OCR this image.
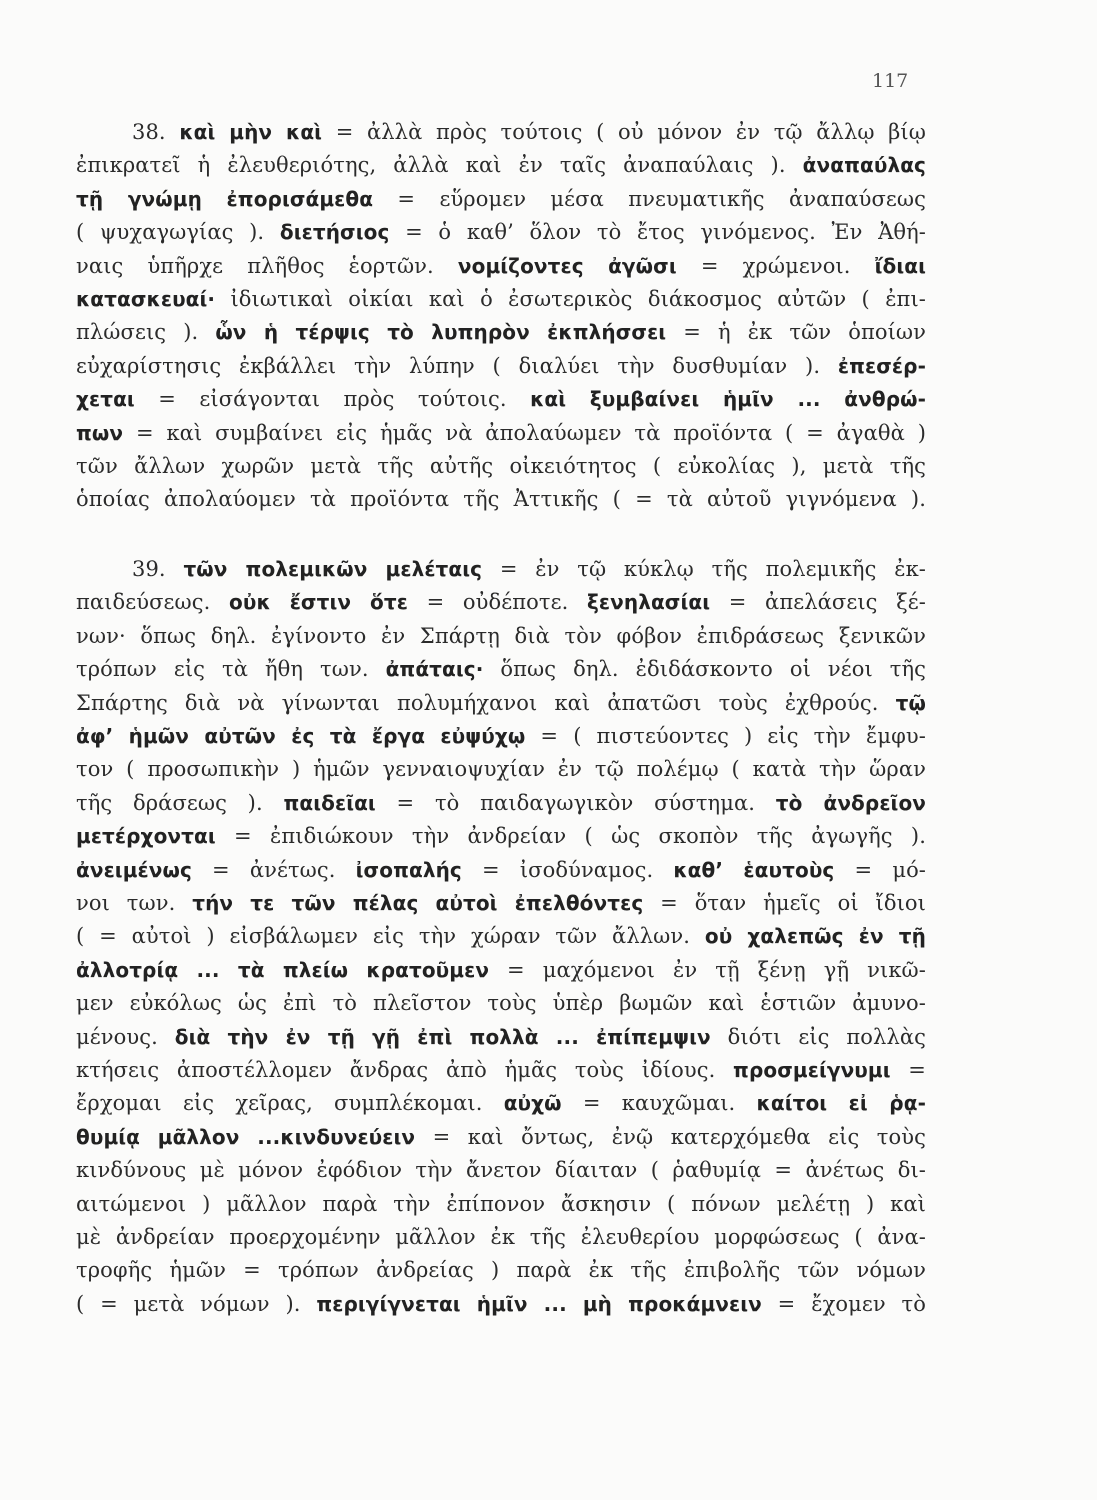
117
38. καὶ μὴν καὶ = ἀλλὰ πρὸς τούτοις ( οὐ μόνον ἐν τῷ ἄλλῳ βίῳ
ἐπικρατεῖ ἡ ἐλευθεριότης, ἀλλὰ καὶ ἐν ταῖς ἀναπαύλαις ). ἀναπαύλας
τῇ γνώμῃ ἐπορισάμεθα = εὕρομεν μέσα πνευματικῆς ἀναπαύσεως
( ψυχαγωγίας ). διετήσιος = ὁ καθ’ ὅλον τὸ ἔτος γινόμενος. Ἐν Ἀθή-
ναις ὑπῆρχε πλῆθος ἑορτῶν. νομίζοντες ἀγῶσι = χρώμενοι. ἴδιαι
κατασκευαί· ἰδιωτικαὶ οἰκίαι καὶ ὁ ἐσωτερικὸς διάκοσμος αὐτῶν ( ἐπι-
πλώσεις ). ὧν ἡ τέρψις τὸ λυπηρὸν ἐκπλήσσει = ἡ ἐκ τῶν ὁποίων
εὐχαρίστησις ἐκβάλλει τὴν λύπην ( διαλύει τὴν δυσθυμίαν ). ἐπεσέρ-
χεται = εἰσάγονται πρὸς τούτοις. καὶ ξυμβαίνει ἡμῖν ... ἀνθρώ-
πων = καὶ συμβαίνει εἰς ἡμᾶς νὰ ἀπολαύωμεν τὰ προϊόντα ( = ἀγαθὰ )
τῶν ἄλλων χωρῶν μετὰ τῆς αὐτῆς οἰκειότητος ( εὐκολίας ), μετὰ τῆς
ὁποίας ἀπολαύομεν τὰ προϊόντα τῆς Ἀττικῆς ( = τὰ αὐτοῦ γιγνόμενα ).
39. τῶν πολεμικῶν μελέταις = ἐν τῷ κύκλῳ τῆς πολεμικῆς ἐκ-
παιδεύσεως. οὐκ ἔστιν ὅτε = οὐδέποτε. ξενηλασίαι = ἀπελάσεις ξέ-
νων· ὅπως δηλ. ἐγίνοντο ἐν Σπάρτῃ διὰ τὸν φόβον ἐπιδράσεως ξενικῶν
τρόπων εἰς τὰ ἤθη των. ἀπάταις· ὅπως δηλ. ἐδιδάσκοντο οἱ νέοι τῆς
Σπάρτης διὰ νὰ γίνωνται πολυμήχανοι καὶ ἀπατῶσι τοὺς ἐχθρούς. τῷ
ἀφ’ ἡμῶν αὐτῶν ἐς τὰ ἔργα εὐψύχῳ = ( πιστεύοντες ) εἰς τὴν ἔμφυ-
τον ( προσωπικὴν ) ἡμῶν γενναιοψυχίαν ἐν τῷ πολέμῳ ( κατὰ τὴν ὥραν
τῆς δράσεως ). παιδεῖαι = τὸ παιδαγωγικὸν σύστημα. τὸ ἀνδρεῖον
μετέρχονται = ἐπιδιώκουν τὴν ἀνδρείαν ( ὡς σκοπὸν τῆς ἀγωγῆς ).
ἀνειμένως = ἀνέτως. ἰσοπαλής = ἰσοδύναμος. καθ’ ἑαυτοὺς = μό-
νοι των. τήν τε τῶν πέλας αὐτοὶ ἐπελθόντες = ὅταν ἡμεῖς οἱ ἴδιοι
( = αὐτοὶ ) εἰσβάλωμεν εἰς τὴν χώραν τῶν ἄλλων. οὐ χαλεπῶς ἐν τῇ
ἀλλοτρίᾳ ... τὰ πλείω κρατοῦμεν = μαχόμενοι ἐν τῇ ξένῃ γῇ νικῶ-
μεν εὐκόλως ὡς ἐπὶ τὸ πλεῖστον τοὺς ὑπὲρ βωμῶν καὶ ἑστιῶν ἀμυνο-
μένους. διὰ τὴν ἐν τῇ γῇ ἐπὶ πολλὰ ... ἐπίπεμψιν διότι εἰς πολλὰς
κτήσεις ἀποστέλλομεν ἄνδρας ἀπὸ ἡμᾶς τοὺς ἰδίους. προσμείγνυμι =
ἔρχομαι εἰς χεῖρας, συμπλέκομαι. αὐχῶ = καυχῶμαι. καίτοι εἰ ῥᾳ-
θυμίᾳ μᾶλλον ...κινδυνεύειν = καὶ ὄντως, ἐνῷ κατερχόμεθα εἰς τοὺς
κινδύνους μὲ μόνον ἐφόδιον τὴν ἄνετον δίαιταν ( ῥαθυμίᾳ = ἀνέτως δι-
αιτώμενοι ) μᾶλλον παρὰ τὴν ἐπίπονον ἄσκησιν ( πόνων μελέτῃ ) καὶ
μὲ ἀνδρείαν προερχομένην μᾶλλον ἐκ τῆς ἐλευθερίου μορφώσεως ( ἀνα-
τροφῆς ἡμῶν = τρόπων ἀνδρείας ) παρὰ ἐκ τῆς ἐπιβολῆς τῶν νόμων
( = μετὰ νόμων ). περιγίγνεται ἡμῖν ... μὴ προκάμνειν = ἔχομεν τὸ
